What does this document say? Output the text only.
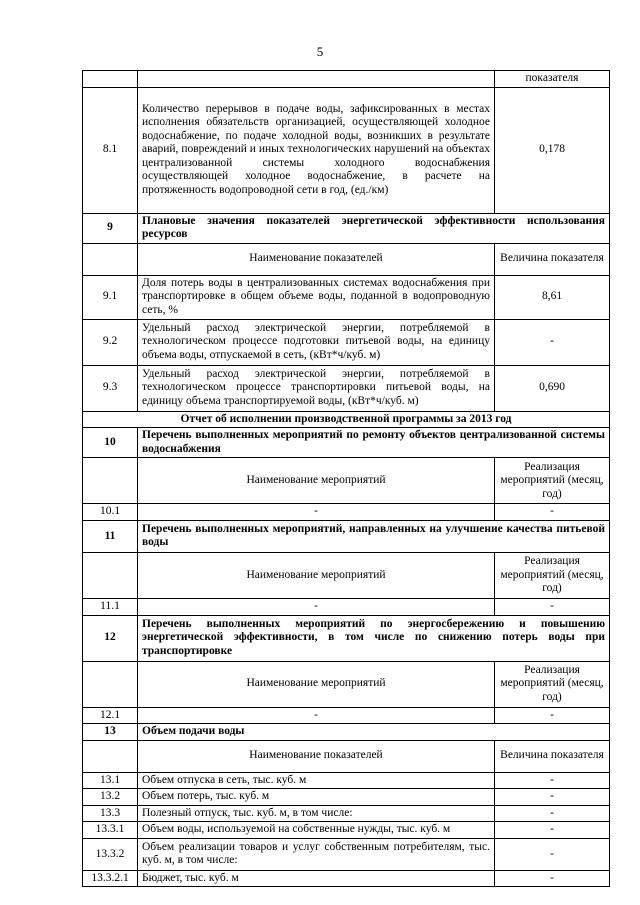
5
		показателя
8.1	Количество перерывов в подаче воды, зафиксированных в местах исполнения обязательств организацией, осуществляющей холодное водоснабжение, по подаче холодной воды, возникших в результате аварий, повреждений и иных технологических нарушений на объектах централизованной системы холодного водоснабжения осуществляющей холодное водоснабжение, в расчете на протяженность водопроводной сети в год, (ед./км)	0,178
9	Плановые значения показателей энергетической эффективности использования ресурсов	
	Наименование показателей	Величина показателя
9.1	Доля потерь воды в централизованных системах водоснабжения при транспортировке в общем объеме воды, поданной в водопроводную сеть, %	8,61
9.2	Удельный расход электрической энергии, потребляемой в технологическом процессе подготовки питьевой воды, на единицу объема воды, отпускаемой в сеть, (кВт*ч/куб. м)	-
9.3	Удельный расход электрической энергии, потребляемой в технологическом процессе транспортировки питьевой воды, на единицу объема транспортируемой воды, (кВт*ч/куб. м)	0,690
Отчет об исполнении производственной программы за 2013 год		
10	Перечень выполненных мероприятий по ремонту объектов централизованной системы водоснабжения	
	Наименование мероприятий	Реализация мероприятий (месяц, год)
10.1	-	-
11	Перечень выполненных мероприятий, направленных на улучшение качества питьевой воды	
	Наименование мероприятий	Реализация мероприятий (месяц, год)
11.1	-	-
12	Перечень выполненных мероприятий по энергосбережению и повышению энергетической эффективности, в том числе по снижению потерь воды при транспортировке	
	Наименование мероприятий	Реализация мероприятий (месяц, год)
12.1	-	-
13	Объем подачи воды	
	Наименование показателей	Величина показателя
13.1	Объем отпуска в сеть, тыс. куб. м	-
13.2	Объем потерь, тыс. куб. м	-
13.3	Полезный отпуск, тыс. куб. м, в том числе:	-
13.3.1	Объем воды, используемой на собственные нужды, тыс. куб. м	-
13.3.2	Объем реализации товаров и услуг собственным потребителям, тыс. куб. м, в том числе:	-
13.3.2.1	Бюджет, тыс. куб. м	-
